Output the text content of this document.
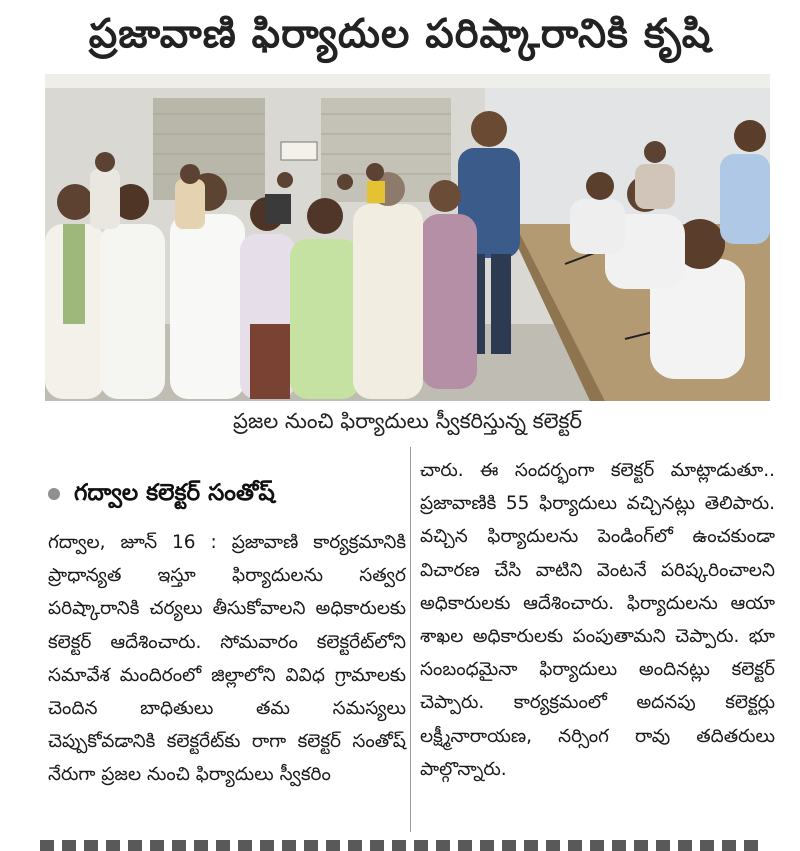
ప్రజావాణి ఫిర్యాదుల పరిష్కారానికి కృషి
ప్రజల నుంచి ఫిర్యాదులు స్వీకరిస్తున్న కలెక్టర్
గద్వాల కలెక్టర్ సంతోష్
గద్వాల, జూన్ 16 : ప్రజావాణి కార్యక్రమానికి ప్రాధాన్యత ఇస్తూ ఫిర్యాదులను సత్వర పరిష్కారానికి చర్యలు తీసుకోవాలని అధికారులకు కలెక్టర్ ఆదేశించారు. సోమవారం కలెక్టరేట్‌లోని సమావేశ మందిరంలో జిల్లాలోని వివిధ గ్రామాలకు చెందిన బాధితులు తమ సమస్యలు చెప్పుకోవడానికి కలెక్టరేట్‌కు రాగా కలెక్టర్ సంతోష్ నేరుగా ప్రజల నుంచి ఫిర్యాదులు స్వీకరిం
చారు. ఈ సందర్భంగా కలెక్టర్ మాట్లాడుతూ.. ప్రజావాణికి 55 ఫిర్యాదులు వచ్చినట్లు తెలిపారు. వచ్చిన ఫిర్యాదులను పెండింగ్‌లో ఉంచకుండా విచారణ చేసి వాటిని వెంటనే పరిష్కరించాలని అధికారులకు ఆదేశించారు. ఫిర్యాదులను ఆయా శాఖల అధికారులకు పంపుతామని చెప్పారు. భూ సంబంధమైనా ఫిర్యాదులు అందినట్లు కలెక్టర్ చెప్పారు. కార్యక్రమంలో అదనపు కలెక్టర్లు లక్ష్మీనారాయణ, నర్సింగ రావు తదితరులు పాల్గొన్నారు.
